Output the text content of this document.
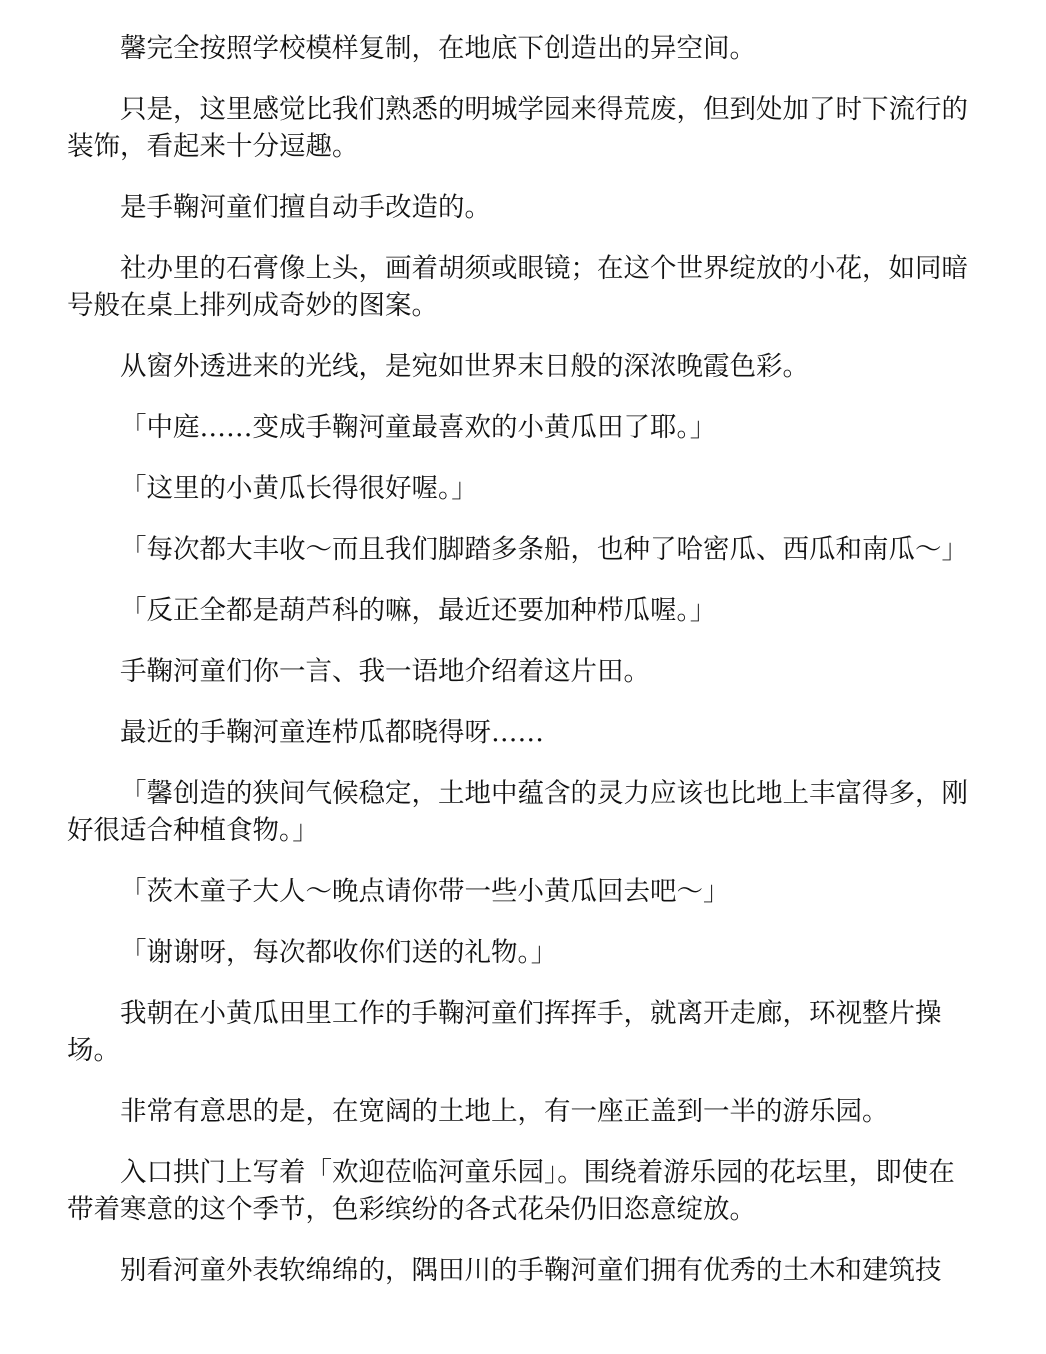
馨完全按照学校模样复制，在地底下创造出的异空间。

只是，这里感觉比我们熟悉的明城学园来得荒废，但到处加了时下流行的装饰，看起来十分逗趣。

是手鞠河童们擅自动手改造的。

社办里的石膏像上头，画着胡须或眼镜；在这个世界绽放的小花，如同暗号般在桌上排列成奇妙的图案。

从窗外透进来的光线，是宛如世界末日般的深浓晚霞色彩。

「中庭……变成手鞠河童最喜欢的小黄瓜田了耶。」

「这里的小黄瓜长得很好喔。」

「每次都大丰收～而且我们脚踏多条船，也种了哈密瓜、西瓜和南瓜～」

「反正全都是葫芦科的嘛，最近还要加种栉瓜喔。」

手鞠河童们你一言、我一语地介绍着这片田。

最近的手鞠河童连栉瓜都晓得呀……

「馨创造的狭间气候稳定，土地中蕴含的灵力应该也比地上丰富得多，刚好很适合种植食物。」

「茨木童子大人～晚点请你带一些小黄瓜回去吧～」

「谢谢呀，每次都收你们送的礼物。」

我朝在小黄瓜田里工作的手鞠河童们挥挥手，就离开走廊，环视整片操场。

非常有意思的是，在宽阔的土地上，有一座正盖到一半的游乐园。

入口拱门上写着「欢迎莅临河童乐园」。围绕着游乐园的花坛里，即使在带着寒意的这个季节，色彩缤纷的各式花朵仍旧恣意绽放。

别看河童外表软绵绵的，隅田川的手鞠河童们拥有优秀的土木和建筑技
